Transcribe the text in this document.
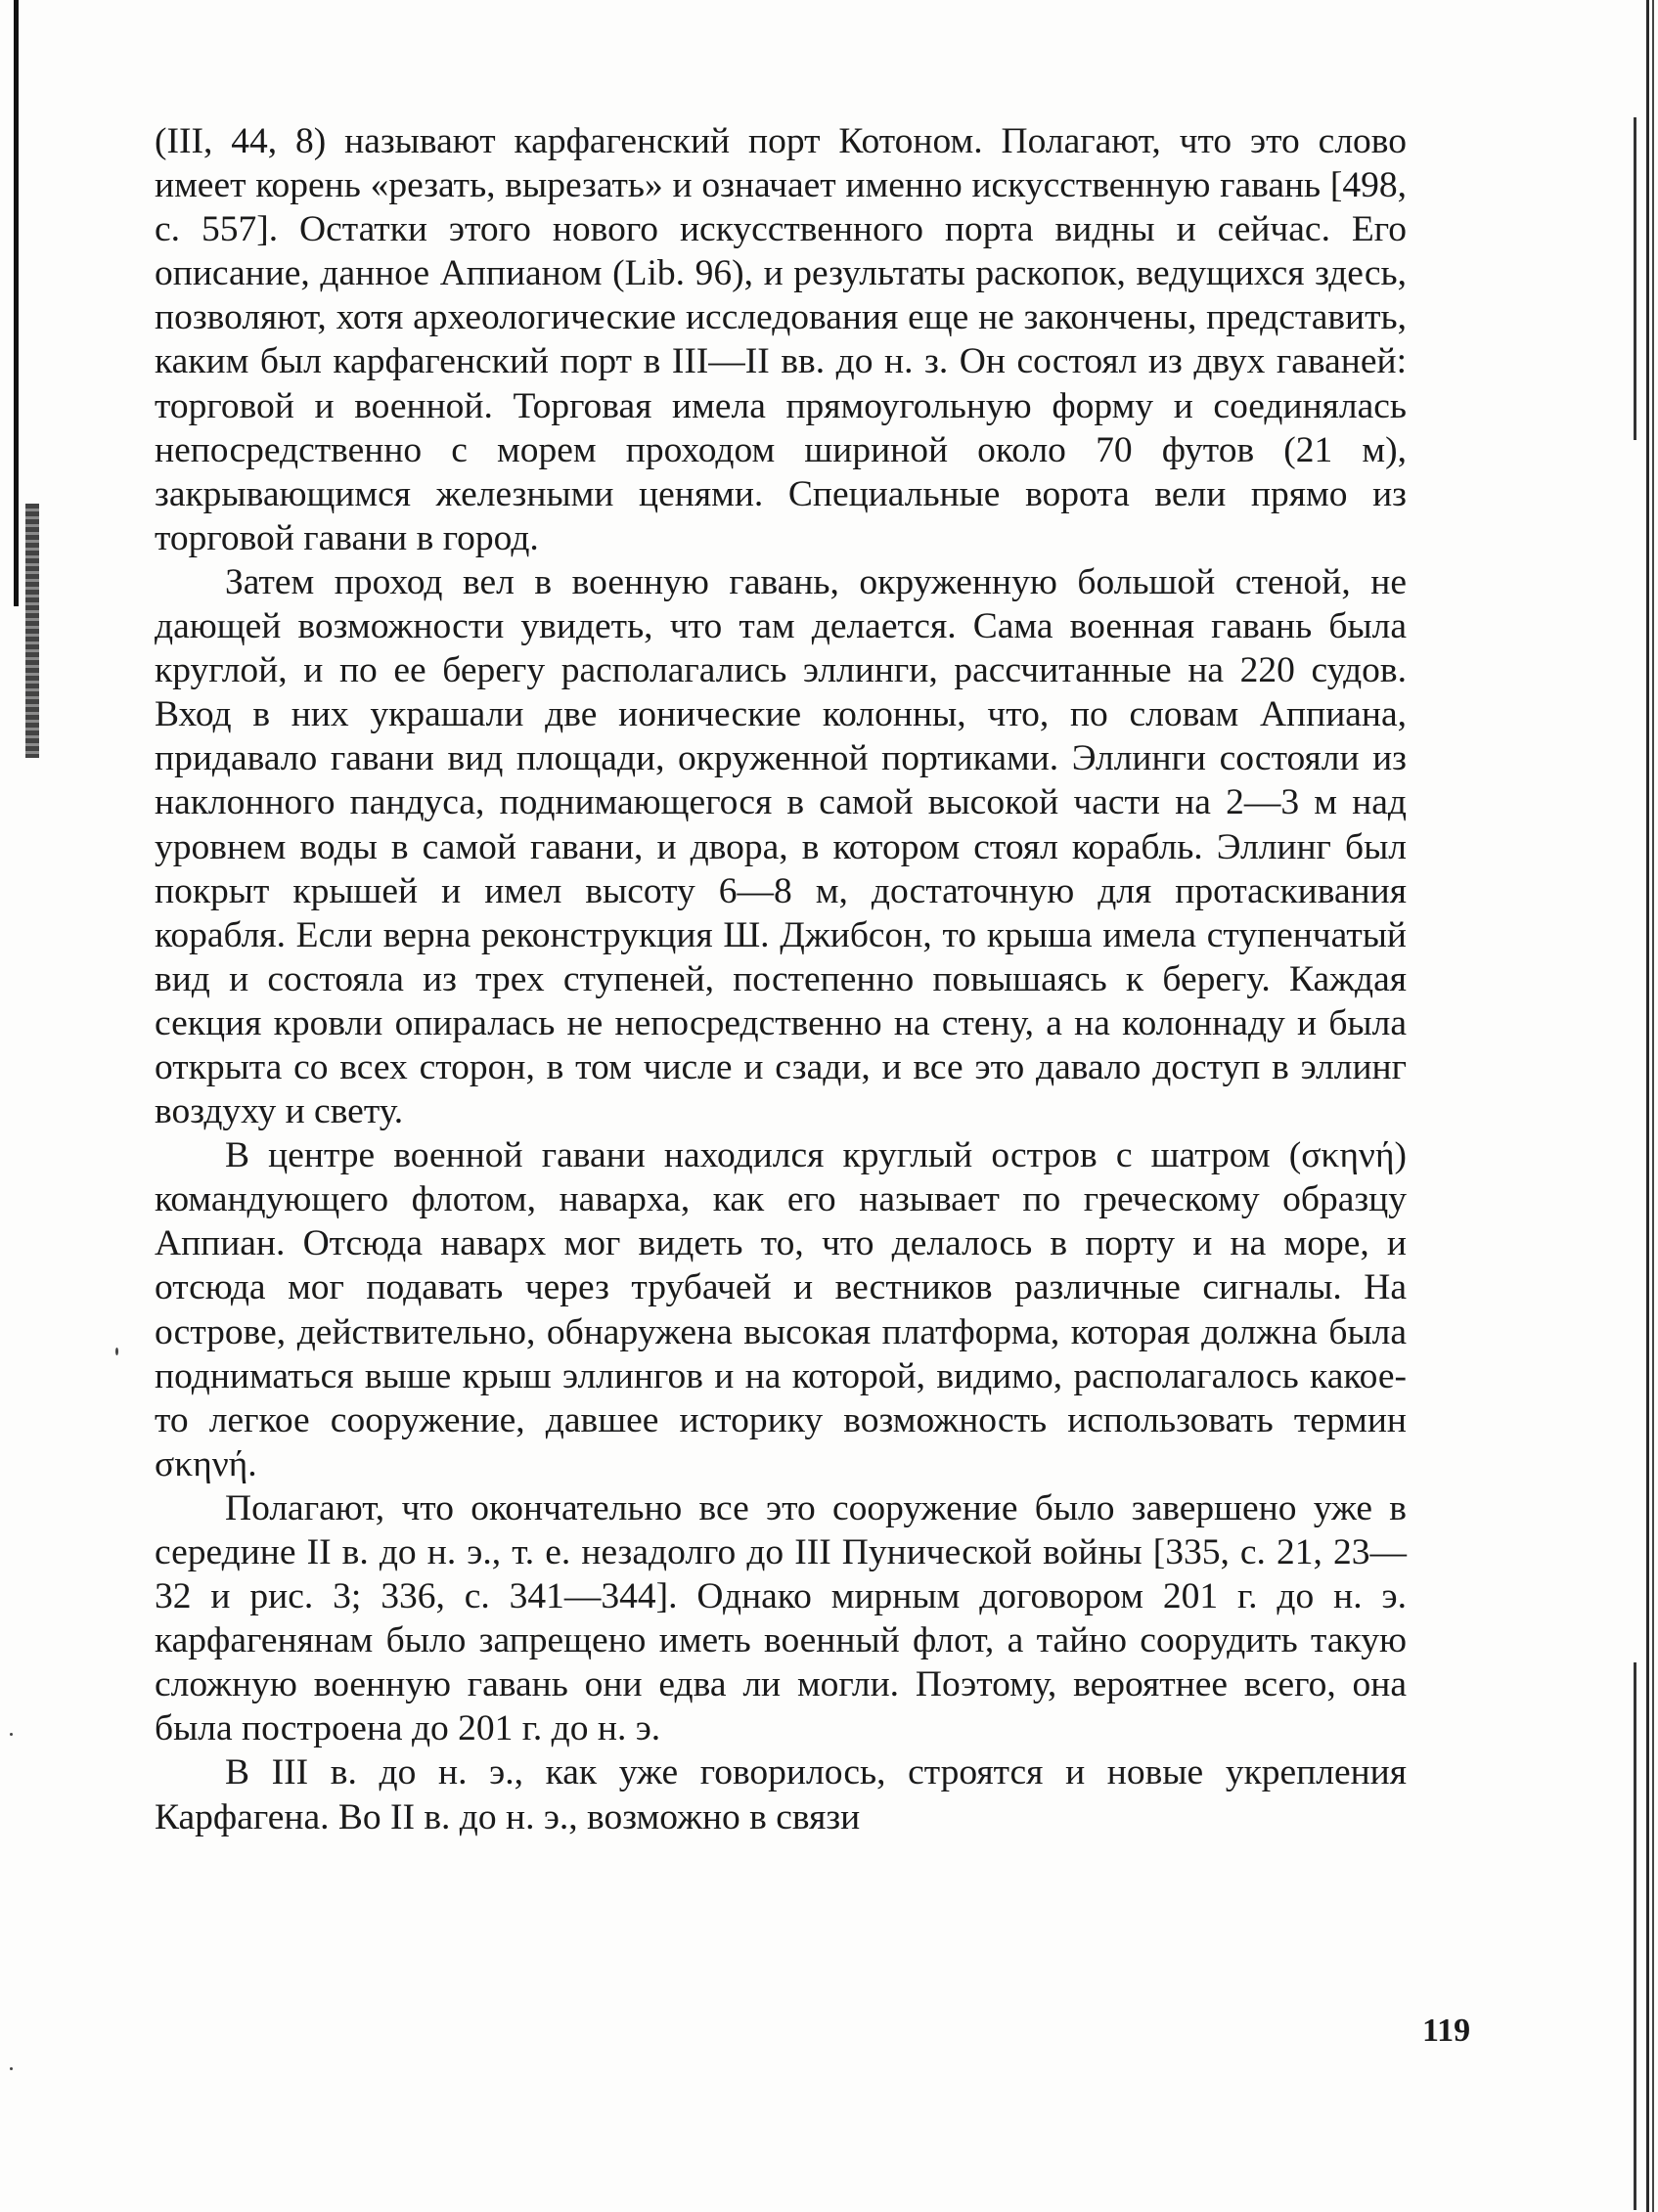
(III, 44, 8) называют карфагенский порт Котоном. Полагают, что это слово имеет корень «резать, вырезать» и означает именно искусственную гавань [498, с. 557]. Остатки этого нового искусственного порта видны и сейчас. Его описание, данное Аппианом (Lib. 96), и результаты раскопок, ведущихся здесь, позволяют, хотя археологические исследования еще не закончены, представить, каким был карфагенский порт в III—II вв. до н. з. Он состоял из двух гаваней: торговой и военной. Торговая имела прямоугольную форму и соединялась непосредственно с морем проходом шириной около 70 футов (21 м), закрывающимся железными ценями. Специальные ворота вели прямо из торговой гавани в город.

Затем проход вел в военную гавань, окруженную большой стеной, не дающей возможности увидеть, что там делается. Сама военная гавань была круглой, и по ее берегу располагались эллинги, рассчитанные на 220 судов. Вход в них украшали две ионические колонны, что, по словам Аппиана, придавало гавани вид площади, окруженной портиками. Эллинги состояли из наклонного пандуса, поднимающегося в самой высокой части на 2—3 м над уровнем воды в самой гавани, и двора, в котором стоял корабль. Эллинг был покрыт крышей и имел высоту 6—8 м, достаточную для протаскивания корабля. Если верна реконструкция Ш. Джибсон, то крыша имела ступенчатый вид и состояла из трех ступеней, постепенно повышаясь к берегу. Каждая секция кровли опиралась не непосредственно на стену, а на колоннаду и была открыта со всех сторон, в том числе и сзади, и все это давало доступ в эллинг воздуху и свету.

В центре военной гавани находился круглый остров с шатром (σκηνή) командующего флотом, наварха, как его называет по греческому образцу Аппиан. Отсюда наварх мог видеть то, что делалось в порту и на море, и отсюда мог подавать через трубачей и вестников различные сигналы. На острове, действительно, обнаружена высокая платформа, которая должна была подниматься выше крыш эллингов и на которой, видимо, располагалось какое-то легкое сооружение, давшее историку возможность использовать термин σκηνή.

Полагают, что окончательно все это сооружение было завершено уже в середине II в. до н. э., т. е. незадолго до III Пунической войны [335, с. 21, 23—32 и рис. 3; 336, с. 341—344]. Однако мирным договором 201 г. до н. э. карфагенянам было запрещено иметь военный флот, а тайно соорудить такую сложную военную гавань они едва ли могли. Поэтому, вероятнее всего, она была построена до 201 г. до н. э.

В III в. до н. э., как уже говорилось, строятся и новые укрепления Карфагена. Во II в. до н. э., возможно в связи

119
